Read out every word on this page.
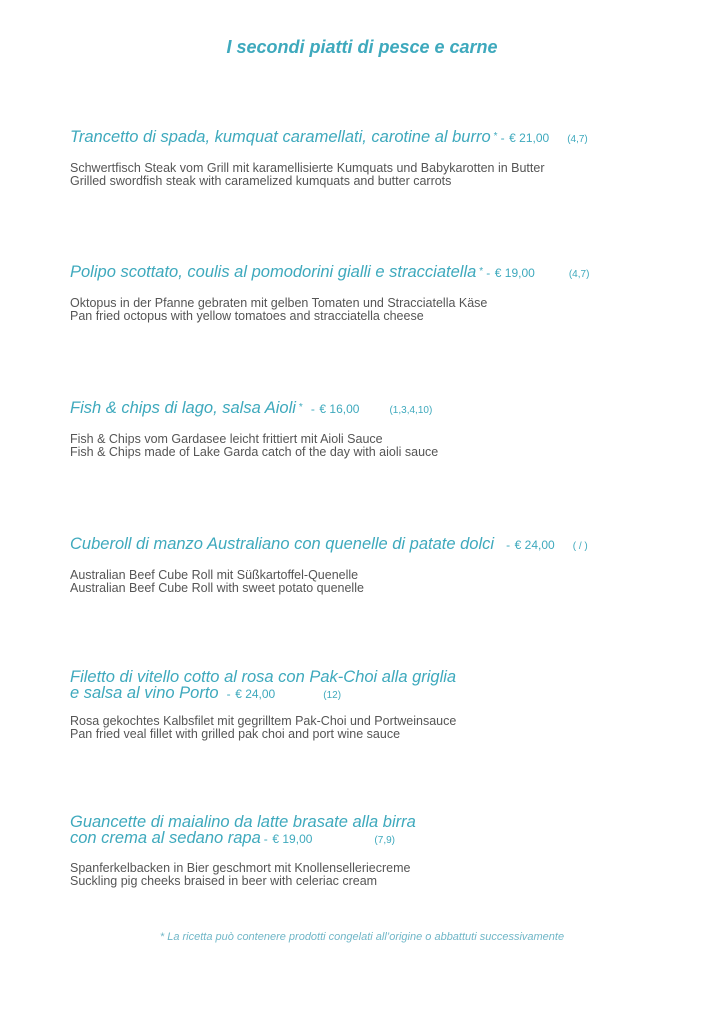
I secondi piatti di pesce e carne
Trancetto di spada, kumquat caramellati, carotine al burro * - € 21,00 (4,7)
Schwertfisch Steak vom Grill mit karamellisierte Kumquats und Babykarotten in Butter
Grilled swordfish steak with caramelized kumquats and butter carrots
Polipo scottato, coulis al pomodorini gialli e stracciatella * - € 19,00	(4,7)
Oktopus in der Pfanne gebraten mit gelben Tomaten und Stracciatella Käse
Pan fried octopus with yellow tomatoes and stracciatella cheese
Fish & chips di lago, salsa Aioli * - € 16,00	(1,3,4,10)
Fish & Chips vom Gardasee leicht frittiert mit Aioli Sauce
Fish & Chips made of Lake Garda catch of the day with aioli sauce
Cuberoll di manzo Australiano con quenelle di patate dolci - € 24,00 ( / )
Australian Beef Cube Roll mit Süßkartoffel-Quenelle
Australian Beef Cube Roll with sweet potato quenelle
Filetto di vitello cotto al rosa con Pak-Choi alla griglia
e salsa al vino Porto - € 24,00	(12)
Rosa gekochtes Kalbsfilet mit gegrilltem Pak-Choi und Portweinsauce
Pan fried veal fillet with grilled pak choi and port wine sauce
Guancette di maialino da latte brasate alla birra
con crema al sedano rapa - € 19,00	(7,9)
Spanferkelbacken in Bier geschmort mit Knollenselleriecreme
Suckling pig cheeks braised in beer with celeriac cream
* La ricetta può contenere prodotti congelati all’origine o abbattuti successivamente
